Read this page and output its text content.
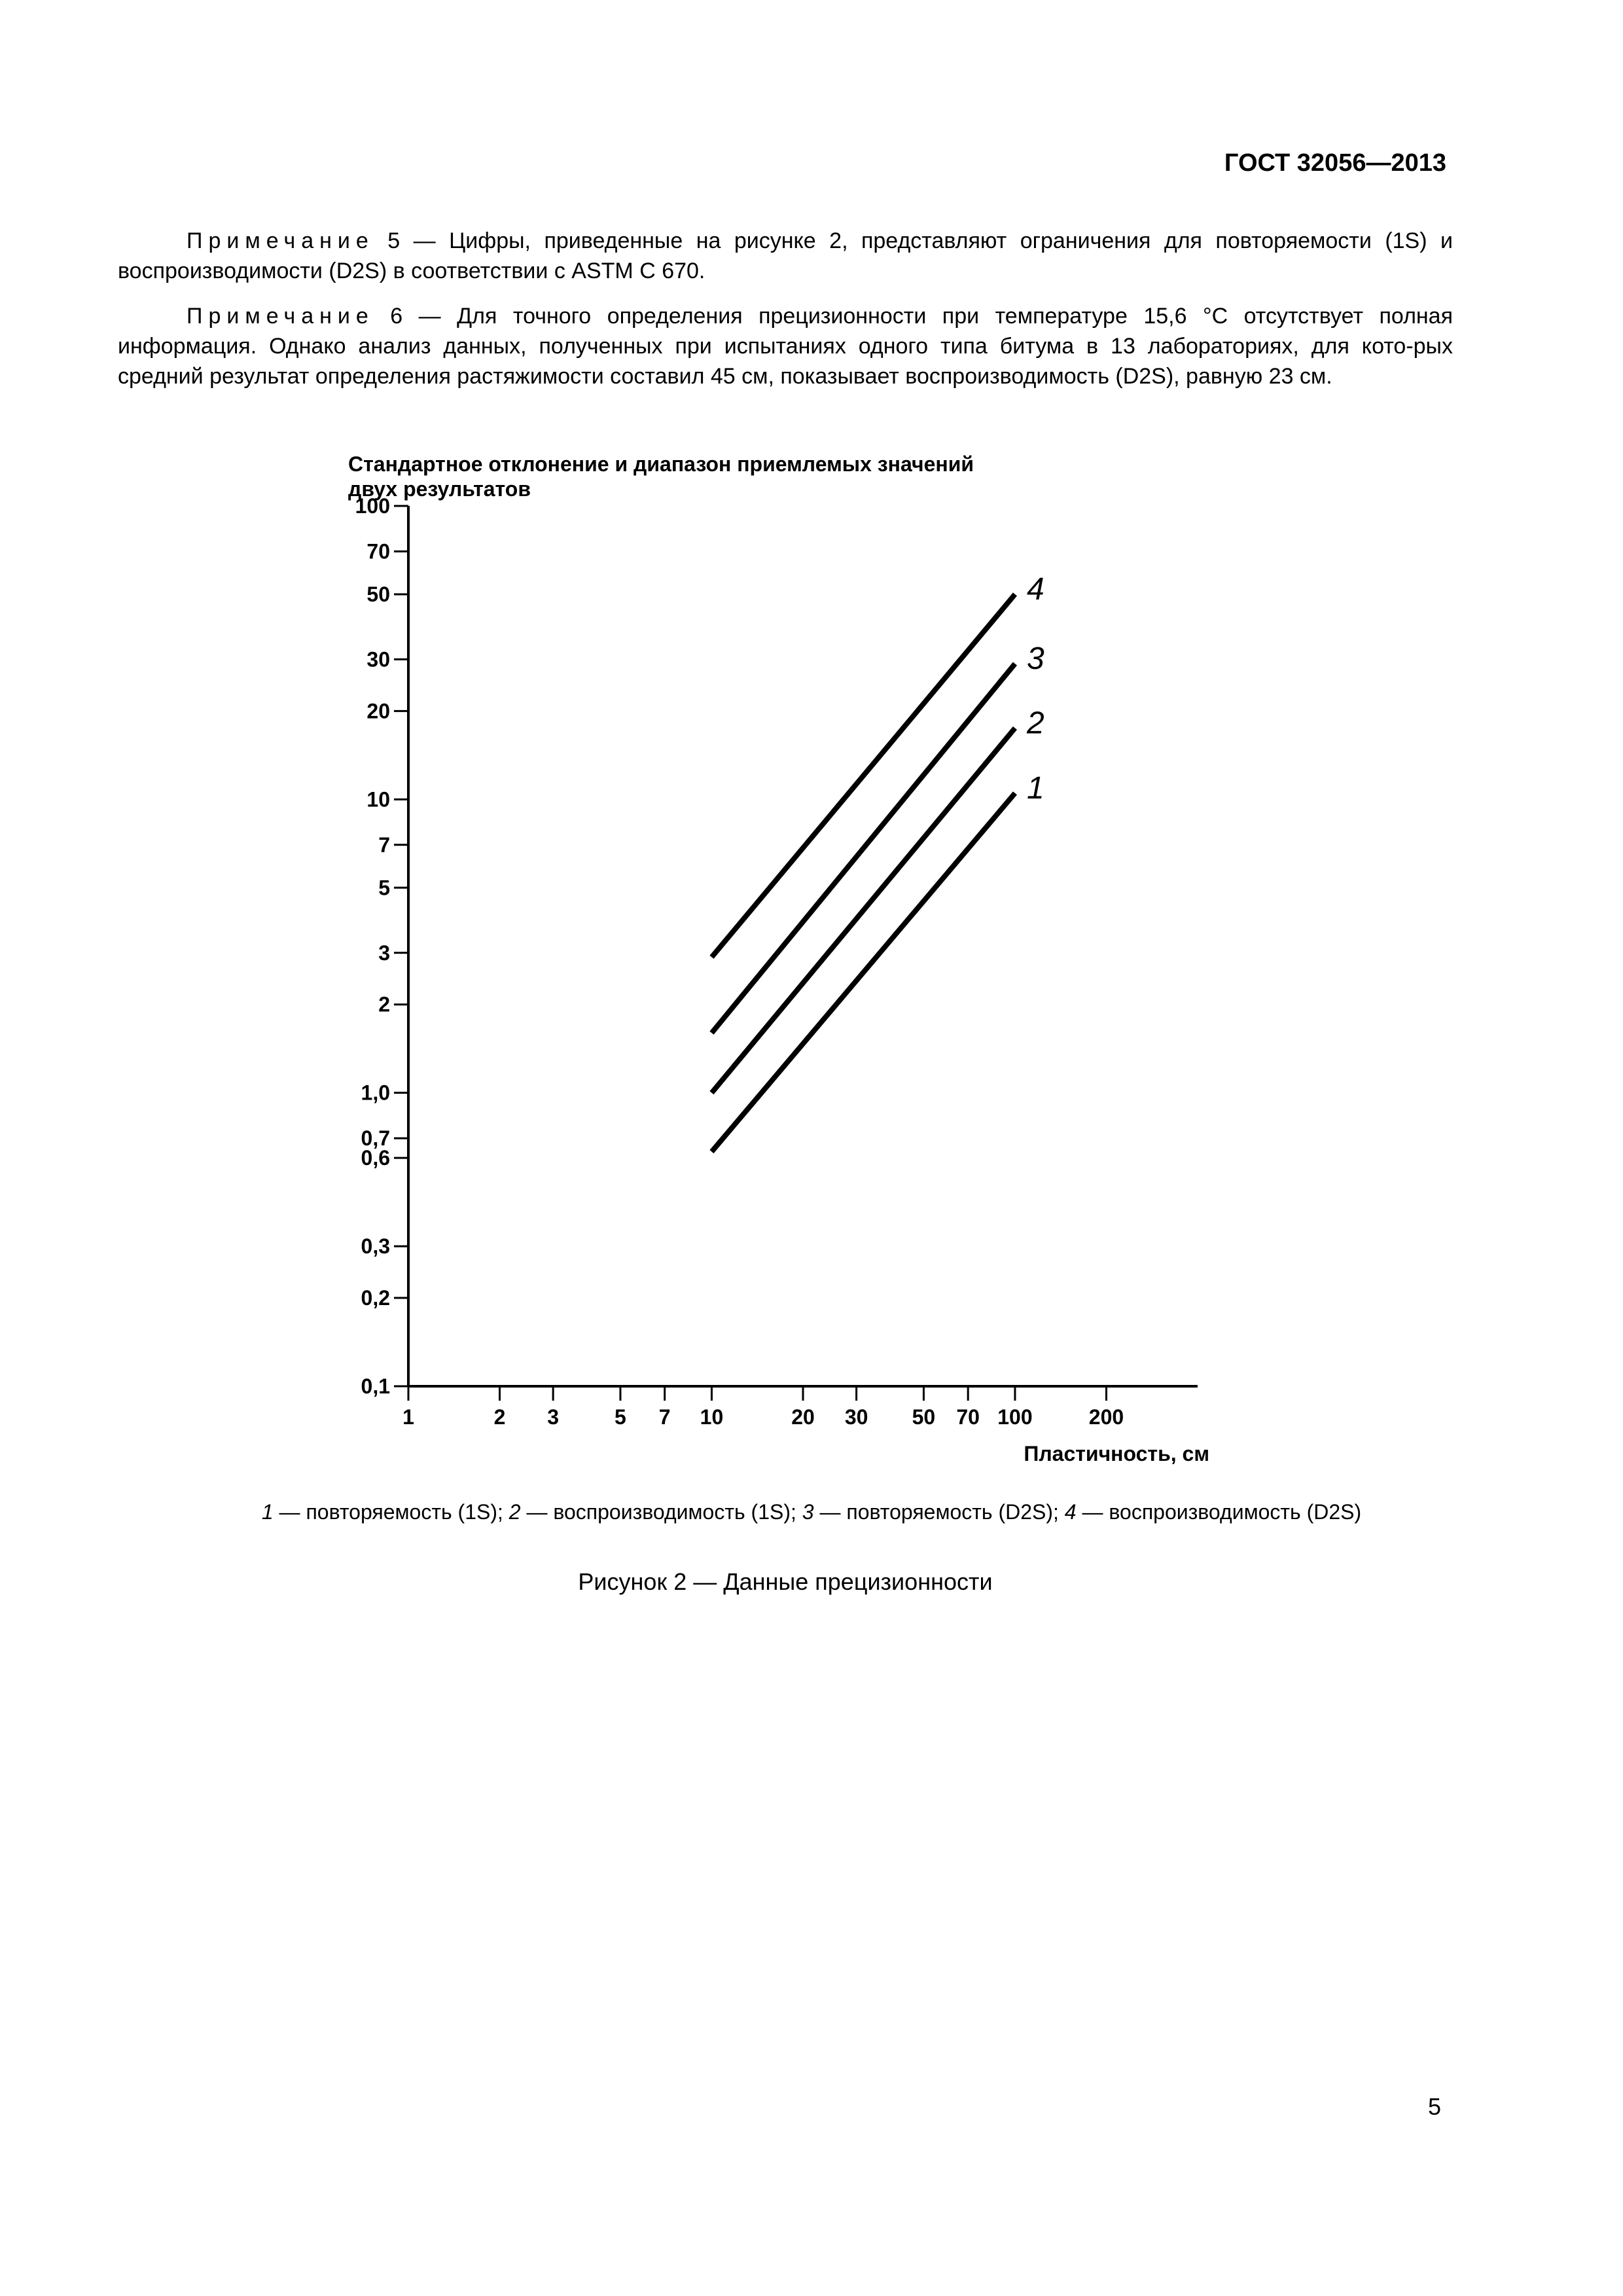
ГОСТ 32056—2013
Примечание 5 — Цифры, приведенные на рисунке 2, представляют ограничения для повторяемости (1S) и воспроизводимости (D2S) в соответствии с ASTM C 670.
Примечание 6 — Для точного определения прецизионности при температуре 15,6 °С отсутствует полная информация. Однако анализ данных, полученных при испытаниях одного типа битума в 13 лабораториях, для кото-рых средний результат определения растяжимости составил 45 см, показывает воспроизводимость (D2S), равную 23 см.
Стандартное отклонение и диапазон приемлемых значений
двух результатов
1	2 3	5 7 10	20 30 50 70 100	200
0,1
0,2
0,3
0,6
0,7
1,0
2
3
5
7
10
20
30
50
70
100
1
2
3
4
Пластичность, см
1 — повторяемость (1S); 2 — воспроизводимость (1S); 3 — повторяемость (D2S); 4 — воспроизводимость (D2S)
Рисунок 2 — Данные прецизионности
5
